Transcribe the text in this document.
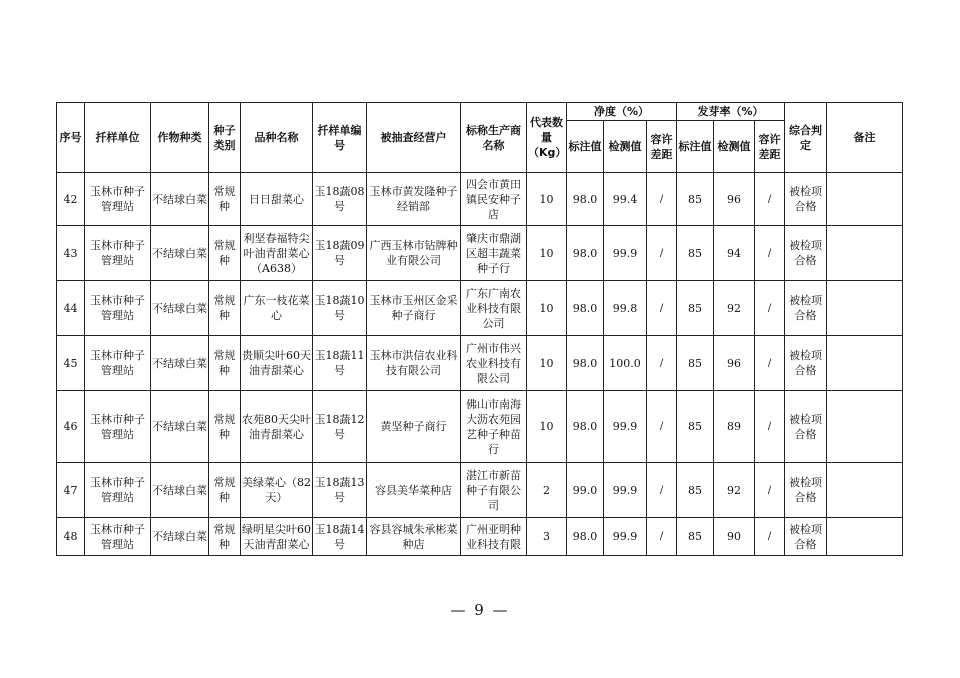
序号	扦样单位	作物种类	种子类别	品种名称	扦样单编号	被抽查经营户	标称生产商名称	代表数量（Kg）	净度（%）			发芽率（%）			综合判定	备注
									标注值	检测值	容许差距	标注值	检测值	容许差距		
42	玉林市种子管理站	不结球白菜	常规种	日日甜菜心	玉18蔬08号	玉林市黄发隆种子经销部	四会市黄田镇民安种子店	10	98.0	99.4	/	85	96	/	被检项合格	
43	玉林市种子管理站	不结球白菜	常规种	利坚春福特尖叶油青甜菜心（A638）	玉18蔬09号	广西玉林市钻牌种业有限公司	肇庆市鼎湖区超丰蔬菜种子行	10	98.0	99.9	/	85	94	/	被检项合格	
44	玉林市种子管理站	不结球白菜	常规种	广东一枝花菜心	玉18蔬10号	玉林市玉州区金采种子商行	广东广南农业科技有限公司	10	98.0	99.8	/	85	92	/	被检项合格	
45	玉林市种子管理站	不结球白菜	常规种	贵顺尖叶60天油青甜菜心	玉18蔬11号	玉林市洪信农业科技有限公司	广州市伟兴农业科技有限公司	10	98.0	100.0	/	85	96	/	被检项合格	
46	玉林市种子管理站	不结球白菜	常规种	农苑80天尖叶油青甜菜心	玉18蔬12号	黄坚种子商行	佛山市南海大沥农苑园艺种子种苗行	10	98.0	99.9	/	85	89	/	被检项合格	
47	玉林市种子管理站	不结球白菜	常规种	美绿菜心（82天）	玉18蔬13号	容县美华菜种店	湛江市新苗种子有限公司	2	99.0	99.9	/	85	92	/	被检项合格	
48	玉林市种子管理站	不结球白菜	常规种	绿明星尖叶60天油青甜菜心	玉18蔬14号	容县容城朱承彬菜种店	广州亚明种业科技有限	3	98.0	99.9	/	85	90	/	被检项合格	
— 9 —
